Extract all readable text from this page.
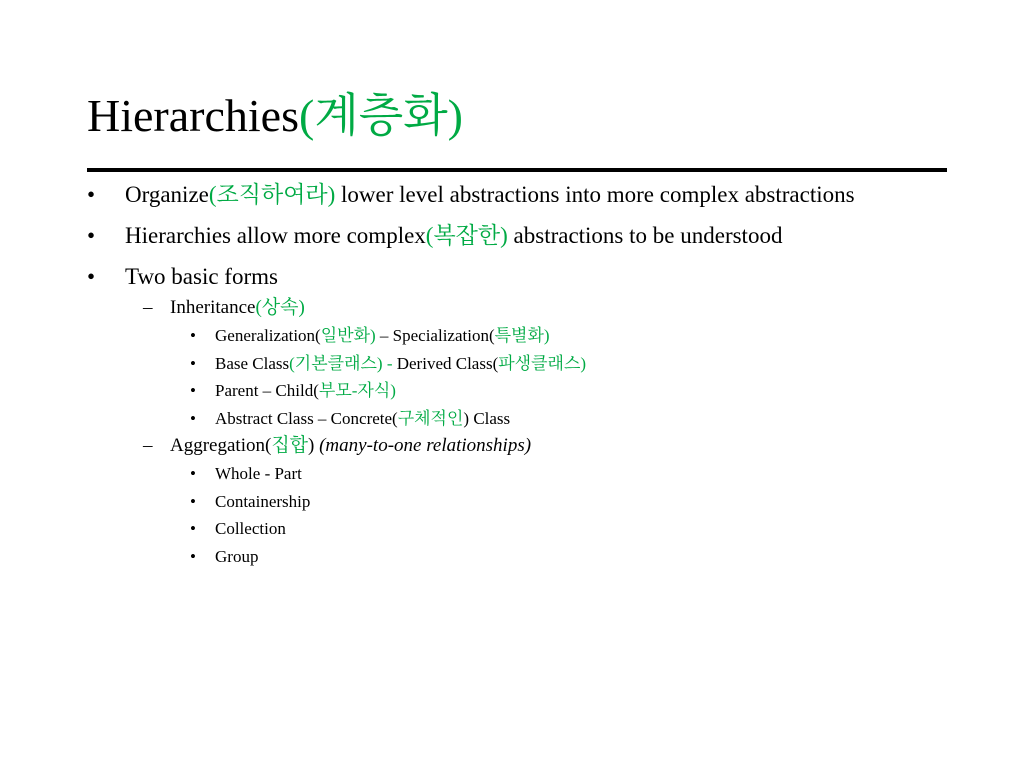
Hierarchies(계층화)
• Organize(조직하여라) lower level abstractions into more complex abstractions
• Hierarchies allow more complex(복잡한) abstractions to be understood
• Two basic forms
– Inheritance(상속)
• Generalization(일반화) – Specialization(특별화)
• Base Class(기본클래스) - Derived Class(파생클래스)
• Parent – Child(부모-자식)
• Abstract Class – Concrete(구체적인) Class
– Aggregation(집합) (many-to-one relationships)
• Whole - Part
• Containership
• Collection
• Group
